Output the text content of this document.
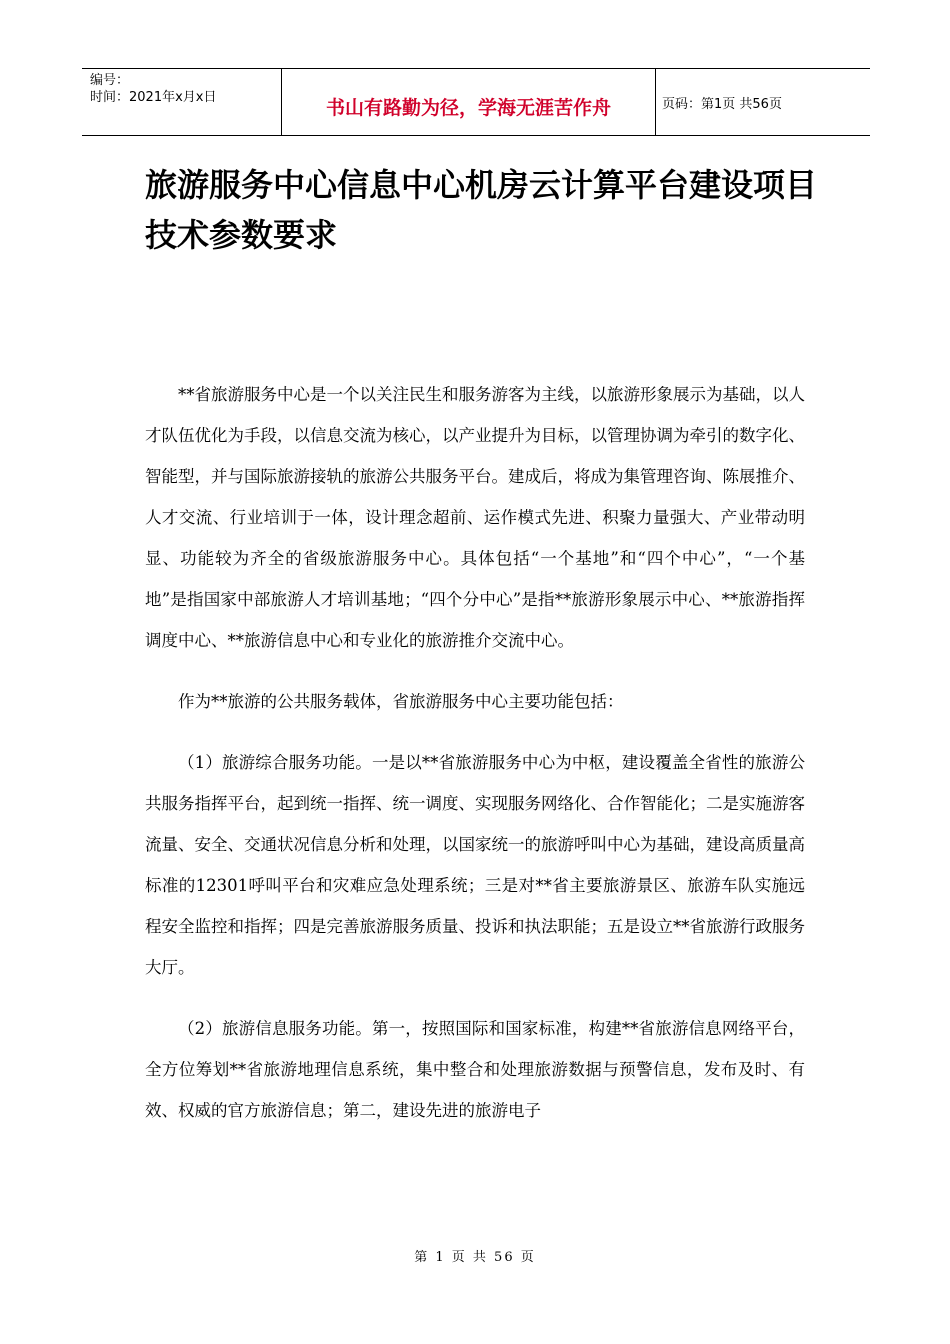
编号：
时间：2021年x月x日	书山有路勤为径，学海无涯苦作舟	页码：第1页 共56页
旅游服务中心信息中心机房云计算平台建设项目技术参数要求

**省旅游服务中心是一个以关注民生和服务游客为主线，以旅游形象展示为基础，以人才队伍优化为手段，以信息交流为核心，以产业提升为目标，以管理协调为牵引的数字化、智能型，并与国际旅游接轨的旅游公共服务平台。建成后，将成为集管理咨询、陈展推介、人才交流、行业培训于一体，设计理念超前、运作模式先进、积聚力量强大、产业带动明显、功能较为齐全的省级旅游服务中心。具体包括“一个基地”和“四个中心”，“一个基地”是指国家中部旅游人才培训基地；“四个分中心”是指**旅游形象展示中心、**旅游指挥调度中心、**旅游信息中心和专业化的旅游推介交流中心。

作为**旅游的公共服务载体，省旅游服务中心主要功能包括：

（1）旅游综合服务功能。一是以**省旅游服务中心为中枢，建设覆盖全省性的旅游公共服务指挥平台，起到统一指挥、统一调度、实现服务网络化、合作智能化；二是实施游客流量、安全、交通状况信息分析和处理，以国家统一的旅游呼叫中心为基础，建设高质量高标准的12301呼叫平台和灾难应急处理系统；三是对**省主要旅游景区、旅游车队实施远程安全监控和指挥；四是完善旅游服务质量、投诉和执法职能；五是设立**省旅游行政服务大厅。

（2）旅游信息服务功能。第一，按照国际和国家标准，构建**省旅游信息网络平台，全方位筹划**省旅游地理信息系统，集中整合和处理旅游数据与预警信息，发布及时、有效、权威的官方旅游信息；第二，建设先进的旅游电子

第 1 页 共 56 页
